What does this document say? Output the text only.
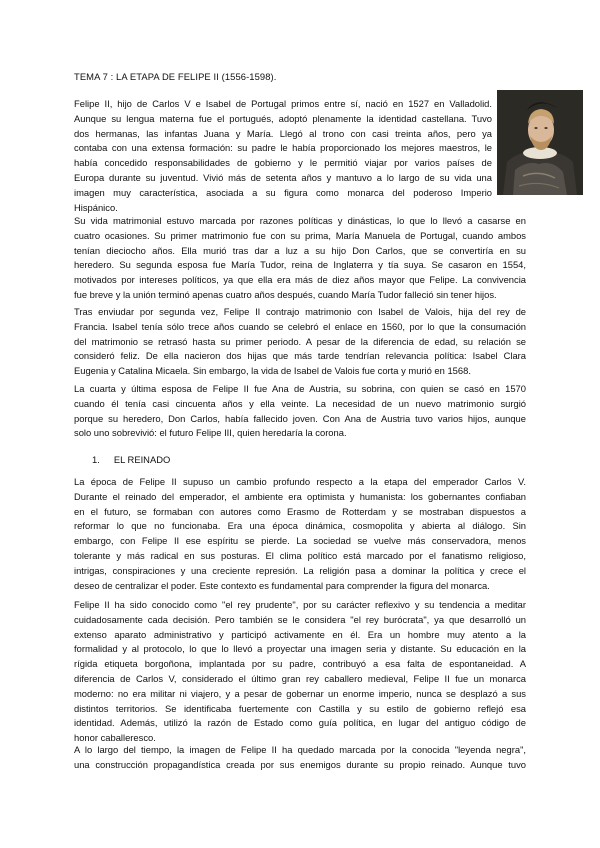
TEMA 7 : LA ETAPA DE FELIPE II (1556-1598).
Felipe II, hijo de Carlos V e Isabel de Portugal primos entre sí, nació en 1527 en Valladolid.
Aunque su lengua materna fue el portugués, adoptó plenamente la identidad castellana. Tuvo
dos hermanas, las infantas Juana y María. Llegó al trono con casi treinta años, pero ya
contaba con una extensa formación: su padre le había proporcionado los mejores maestros, le
había concedido responsabilidades de gobierno y le permitió viajar por varios países de
Europa durante su juventud. Vivió más de setenta años y mantuvo a lo largo de su vida una
imagen muy característica, asociada a su figura como monarca del poderoso Imperio
Hispánico.
Su vida matrimonial estuvo marcada por razones políticas y dinásticas, lo que lo llevó a casarse en
cuatro ocasiones. Su primer matrimonio fue con su prima, María Manuela de Portugal, cuando ambos
tenían dieciocho años. Ella murió tras dar a luz a su hijo Don Carlos, que se convertiría en su
heredero. Su segunda esposa fue María Tudor, reina de Inglaterra y tía suya. Se casaron en 1554,
motivados por intereses políticos, ya que ella era más de diez años mayor que Felipe. La convivencia
fue breve y la unión terminó apenas cuatro años después, cuando María Tudor falleció sin tener hijos.
Tras enviudar por segunda vez, Felipe II contrajo matrimonio con Isabel de Valois, hija del rey de
Francia. Isabel tenía sólo trece años cuando se celebró el enlace en 1560, por lo que la consumación
del matrimonio se retrasó hasta su primer periodo. A pesar de la diferencia de edad, su relación se
consideró feliz. De ella nacieron dos hijas que más tarde tendrían relevancia política: Isabel Clara
Eugenia y Catalina Micaela. Sin embargo, la vida de Isabel de Valois fue corta y murió en 1568.
La cuarta y última esposa de Felipe II fue Ana de Austria, su sobrina, con quien se casó en 1570
cuando él tenía casi cincuenta años y ella veinte. La necesidad de un nuevo matrimonio surgió
porque su heredero, Don Carlos, había fallecido joven. Con Ana de Austria tuvo varios hijos, aunque
solo uno sobrevivió: el futuro Felipe III, quien heredaría la corona.
1. EL REINADO
La época de Felipe II supuso un cambio profundo respecto a la etapa del emperador Carlos V.
Durante el reinado del emperador, el ambiente era optimista y humanista: los gobernantes confiaban
en el futuro, se formaban con autores como Erasmo de Rotterdam y se mostraban dispuestos a
reformar lo que no funcionaba. Era una época dinámica, cosmopolita y abierta al diálogo. Sin
embargo, con Felipe II ese espíritu se pierde. La sociedad se vuelve más conservadora, menos
tolerante y más radical en sus posturas. El clima político está marcado por el fanatismo religioso,
intrigas, conspiraciones y una creciente represión. La religión pasa a dominar la política y crece el
deseo de centralizar el poder. Este contexto es fundamental para comprender la figura del monarca.
Felipe II ha sido conocido como "el rey prudente", por su carácter reflexivo y su tendencia a meditar
cuidadosamente cada decisión. Pero también se le considera "el rey burócrata", ya que desarrolló un
extenso aparato administrativo y participó activamente en él. Era un hombre muy atento a la
formalidad y al protocolo, lo que lo llevó a proyectar una imagen seria y distante. Su educación en la
rígida etiqueta borgoñona, implantada por su padre, contribuyó a esa falta de espontaneidad. A
diferencia de Carlos V, considerado el último gran rey caballero medieval, Felipe II fue un monarca
moderno: no era militar ni viajero, y a pesar de gobernar un enorme imperio, nunca se desplazó a sus
distintos territorios. Se identificaba fuertemente con Castilla y su estilo de gobierno reflejó esa
identidad. Además, utilizó la razón de Estado como guía política, en lugar del antiguo código de
honor caballeresco.
A lo largo del tiempo, la imagen de Felipe II ha quedado marcada por la conocida "leyenda negra",
una construcción propagandística creada por sus enemigos durante su propio reinado. Aunque tuvo
